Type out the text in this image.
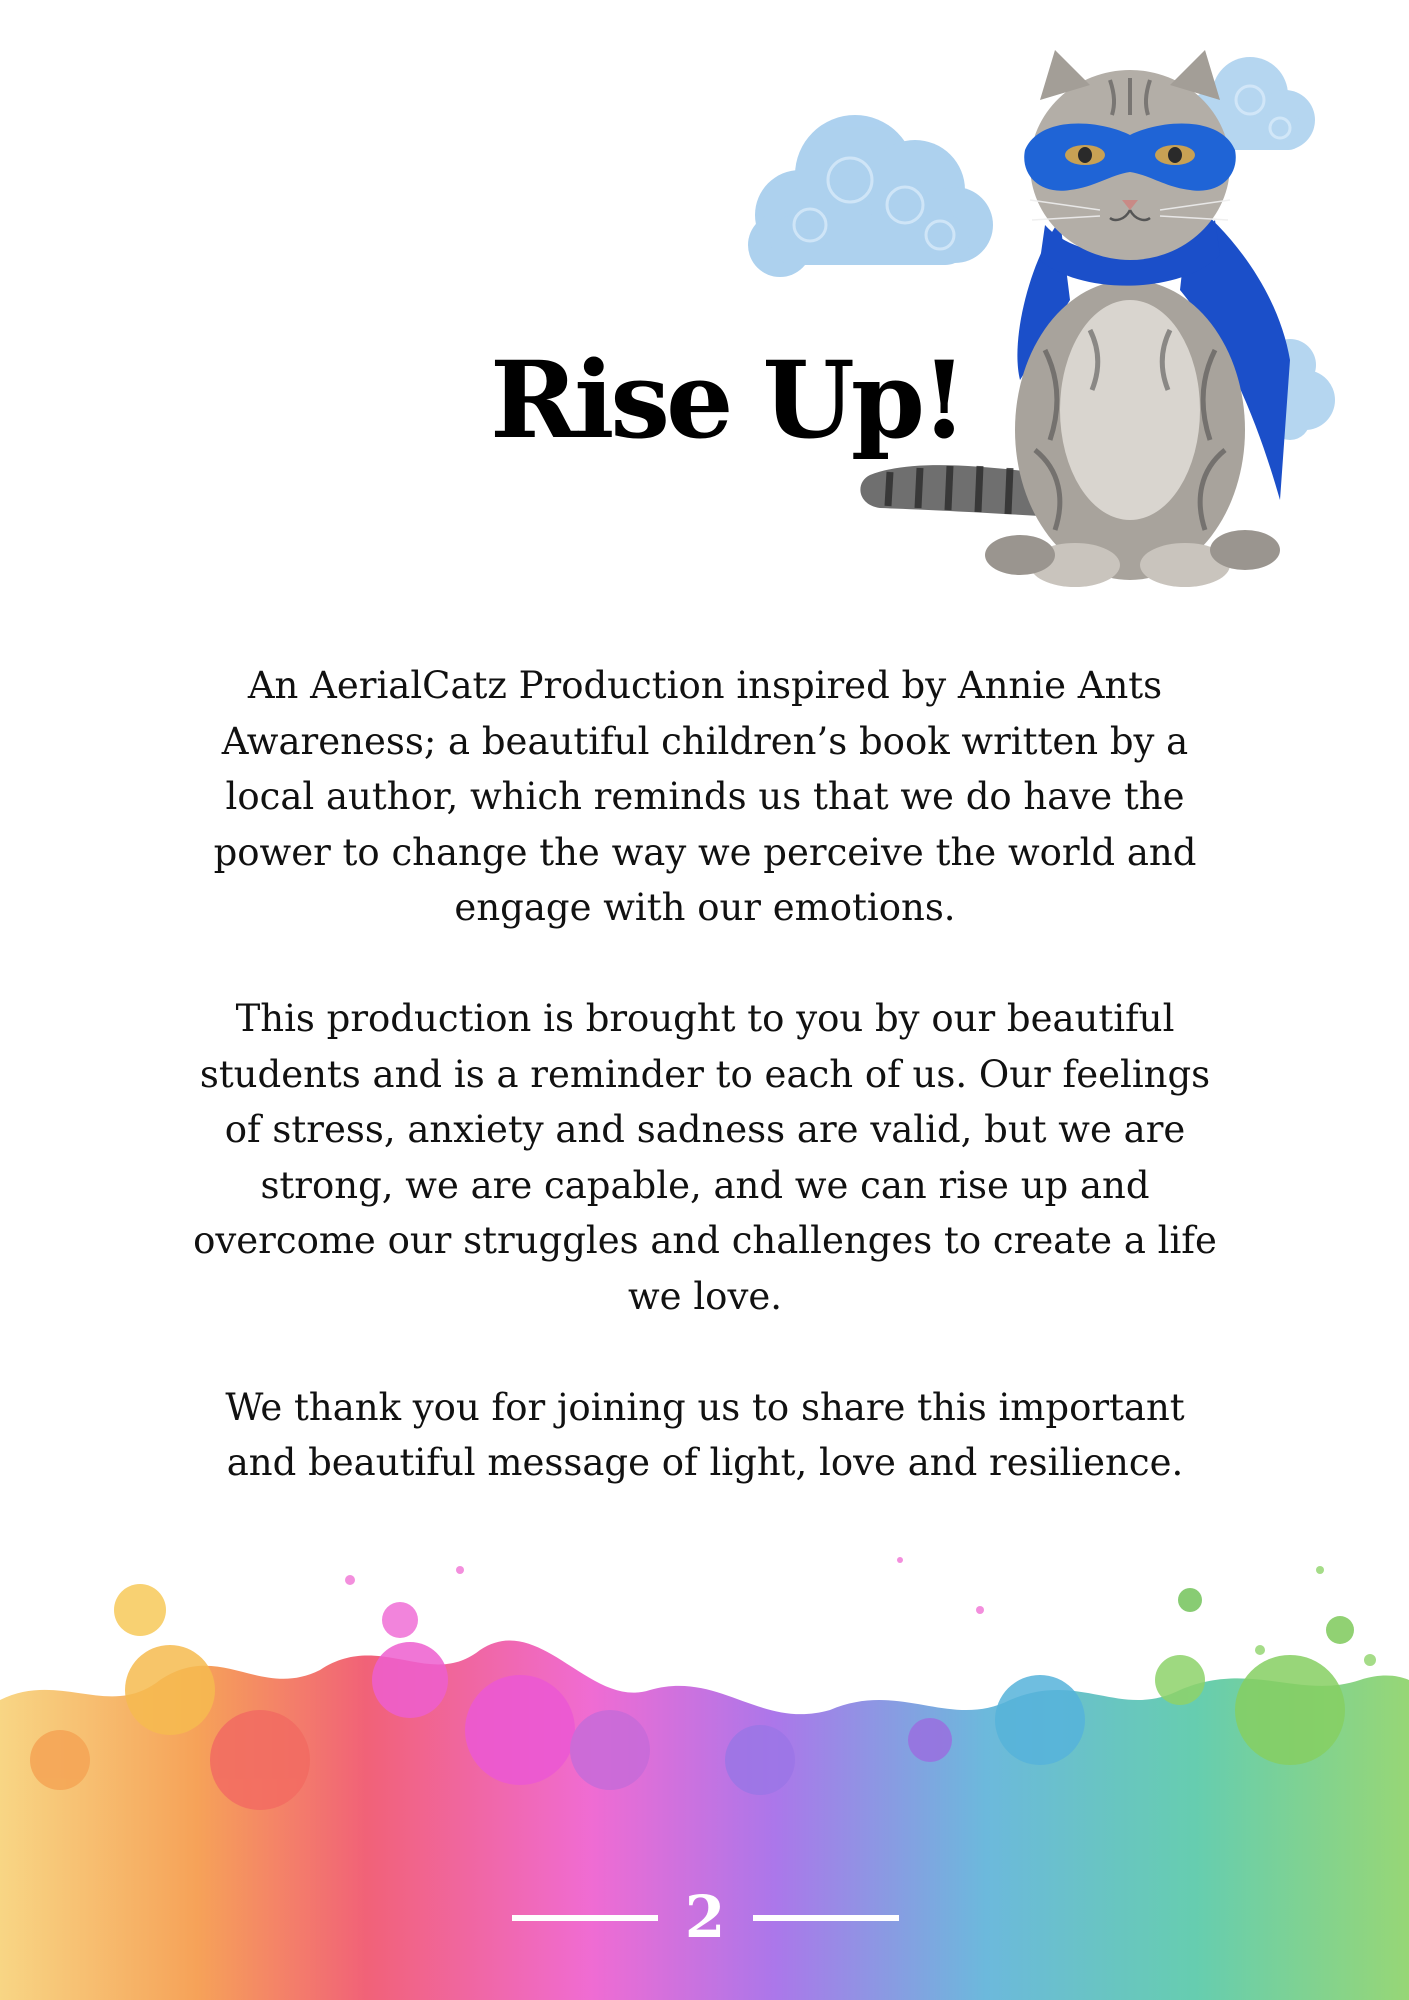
Rise Up!

An AerialCatz Production inspired by Annie Ants Awareness; a beautiful children’s book written by a local author, which reminds us that we do have the power to change the way we perceive the world and engage with our emotions.

This production is brought to you by our beautiful students and is a reminder to each of us. Our feelings of stress, anxiety and sadness are valid, but we are strong, we are capable, and we can rise up and overcome our struggles and challenges to create a life we love.

We thank you for joining us to share this important and beautiful message of light, love and resilience.

2
